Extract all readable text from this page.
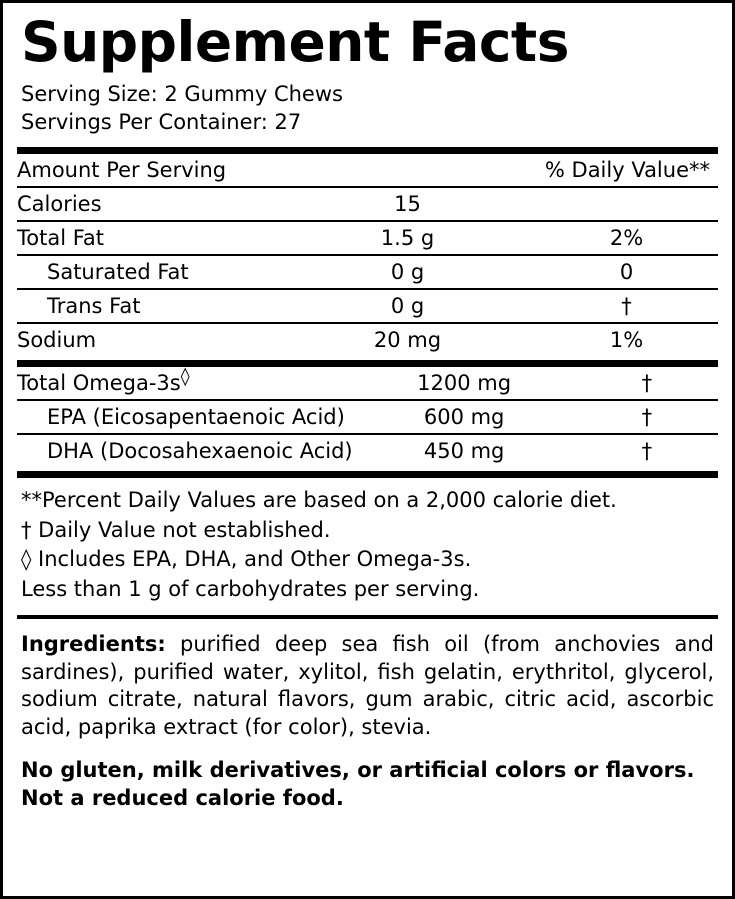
Supplement Facts
Serving Size: 2 Gummy Chews
Servings Per Container: 27
Amount Per Serving		% Daily Value**
Calories	15	
Total Fat	1.5 g	2%
Saturated Fat	0 g	0
Trans Fat	0 g	†
Sodium	20 mg	1%
Total Omega-3s◊	1200 mg	†
EPA (Eicosapentaenoic Acid)	600 mg	†
DHA (Docosahexaenoic Acid)	450 mg	†
**Percent Daily Values are based on a 2,000 calorie diet.
† Daily Value not established.
◊ Includes EPA, DHA, and Other Omega-3s.
Less than 1 g of carbohydrates per serving.
Ingredients: purified deep sea fish oil (from anchovies and sardines), purified water, xylitol, fish gelatin, erythritol, glycerol, sodium citrate, natural flavors, gum arabic, citric acid, ascorbic acid, paprika extract (for color), stevia.
No gluten, milk derivatives, or artificial colors or flavors.
Not a reduced calorie food.
